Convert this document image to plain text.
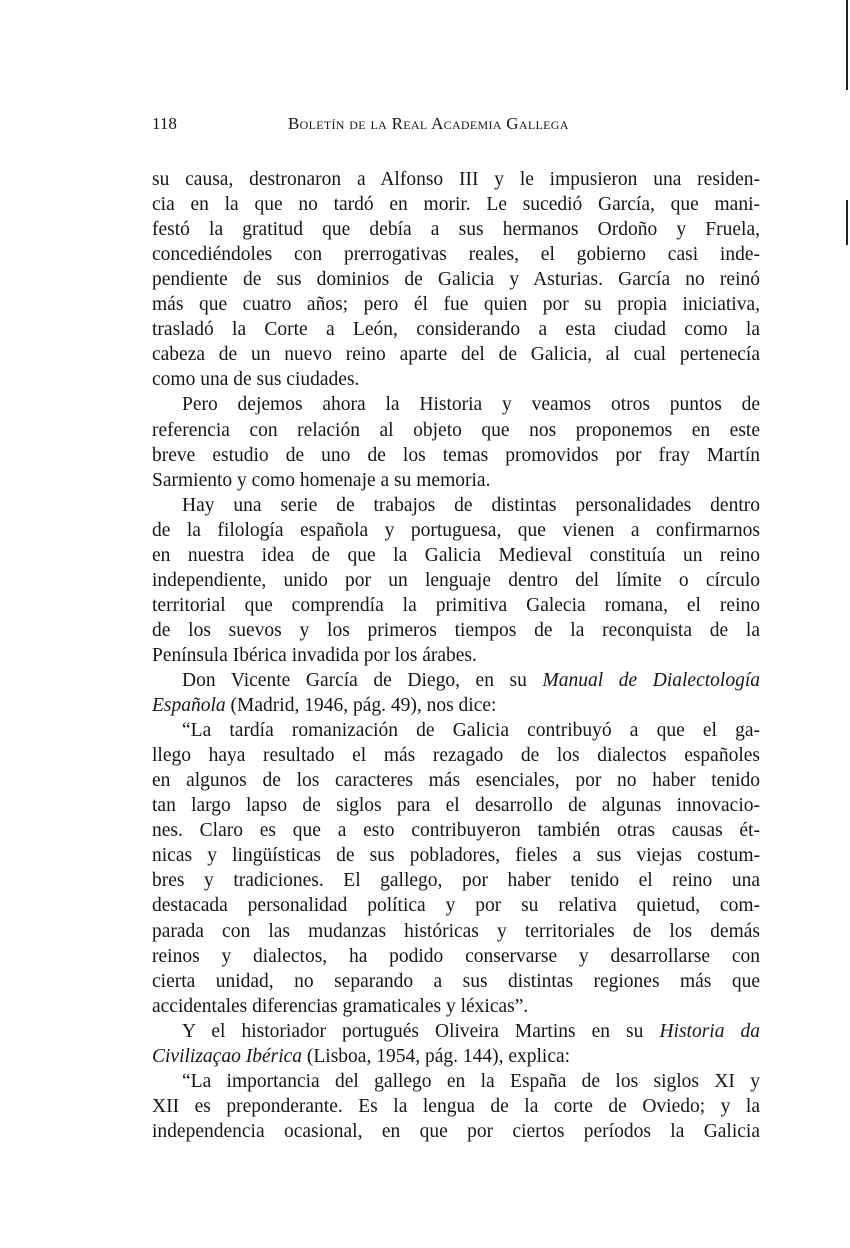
118	Boletín de la Real Academia Gallega
su causa, destronaron a Alfonso III y le impusieron una residen-
cia en la que no tardó en morir. Le sucedió García, que mani-
festó la gratitud que debía a sus hermanos Ordoño y Fruela,
concediéndoles con prerrogativas reales, el gobierno casi inde-
pendiente de sus dominios de Galicia y Asturias. García no reinó
más que cuatro años; pero él fue quien por su propia iniciativa,
trasladó la Corte a León, considerando a esta ciudad como la
cabeza de un nuevo reino aparte del de Galicia, al cual pertenecía
como una de sus ciudades.
Pero dejemos ahora la Historia y veamos otros puntos de
referencia con relación al objeto que nos proponemos en este
breve estudio de uno de los temas promovidos por fray Martín
Sarmiento y como homenaje a su memoria.
Hay una serie de trabajos de distintas personalidades dentro
de la filología española y portuguesa, que vienen a confirmarnos
en nuestra idea de que la Galicia Medieval constituía un reino
independiente, unido por un lenguaje dentro del límite o círculo
territorial que comprendía la primitiva Galecia romana, el reino
de los suevos y los primeros tiempos de la reconquista de la
Península Ibérica invadida por los árabes.
Don Vicente García de Diego, en su Manual de Dialectología
Española (Madrid, 1946, pág. 49), nos dice:
“La tardía romanización de Galicia contribuyó a que el ga-
llego haya resultado el más rezagado de los dialectos españoles
en algunos de los caracteres más esenciales, por no haber tenido
tan largo lapso de siglos para el desarrollo de algunas innovacio-
nes. Claro es que a esto contribuyeron también otras causas ét-
nicas y lingüísticas de sus pobladores, fieles a sus viejas costum-
bres y tradiciones. El gallego, por haber tenido el reino una
destacada personalidad política y por su relativa quietud, com-
parada con las mudanzas históricas y territoriales de los demás
reinos y dialectos, ha podido conservarse y desarrollarse con
cierta unidad, no separando a sus distintas regiones más que
accidentales diferencias gramaticales y léxicas”.
Y el historiador portugués Oliveira Martins en su Historia da
Civilizaçao Ibérica (Lisboa, 1954, pág. 144), explica:
“La importancia del gallego en la España de los siglos XI y
XII es preponderante. Es la lengua de la corte de Oviedo; y la
independencia ocasional, en que por ciertos períodos la Galicia
